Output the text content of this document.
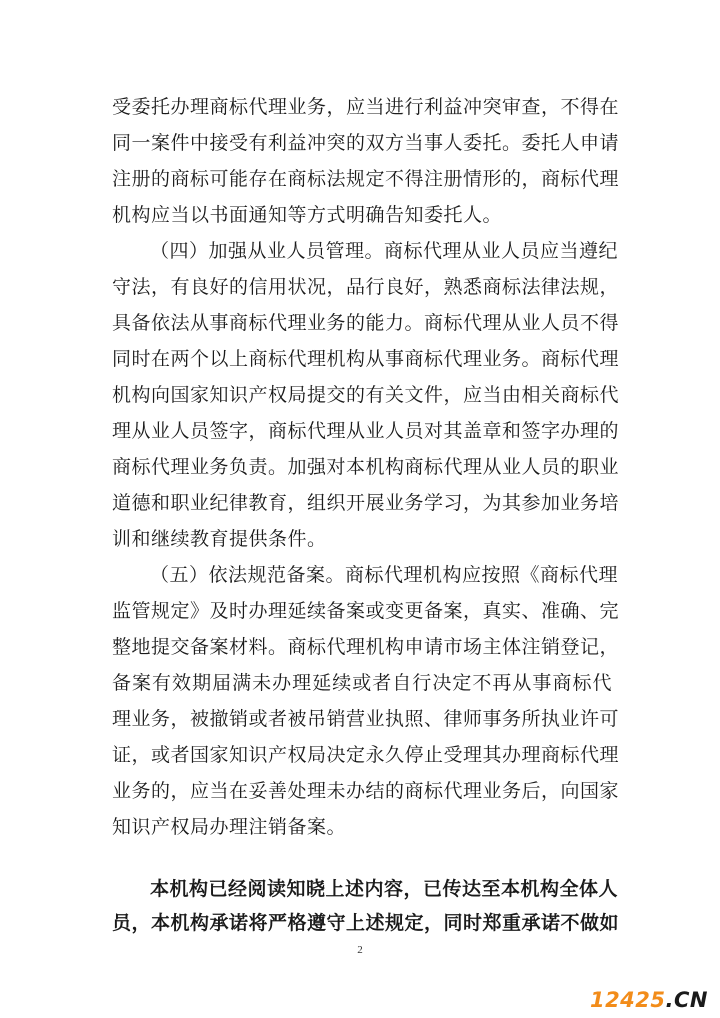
受委托办理商标代理业务，应当进行利益冲突审查，不得在
同一案件中接受有利益冲突的双方当事人委托。委托人申请
注册的商标可能存在商标法规定不得注册情形的，商标代理
机构应当以书面通知等方式明确告知委托人。
（四）加强从业人员管理。商标代理从业人员应当遵纪
守法，有良好的信用状况，品行良好，熟悉商标法律法规，
具备依法从事商标代理业务的能力。商标代理从业人员不得
同时在两个以上商标代理机构从事商标代理业务。商标代理
机构向国家知识产权局提交的有关文件，应当由相关商标代
理从业人员签字，商标代理从业人员对其盖章和签字办理的
商标代理业务负责。加强对本机构商标代理从业人员的职业
道德和职业纪律教育，组织开展业务学习，为其参加业务培
训和继续教育提供条件。
（五）依法规范备案。商标代理机构应按照《商标代理
监管规定》及时办理延续备案或变更备案，真实、准确、完
整地提交备案材料。商标代理机构申请市场主体注销登记，
备案有效期届满未办理延续或者自行决定不再从事商标代
理业务，被撤销或者被吊销营业执照、律师事务所执业许可
证，或者国家知识产权局决定永久停止受理其办理商标代理
业务的，应当在妥善处理未办结的商标代理业务后，向国家
知识产权局办理注销备案。
本机构已经阅读知晓上述内容，已传达至本机构全体人
员，本机构承诺将严格遵守上述规定，同时郑重承诺不做如
2
12425.CN
